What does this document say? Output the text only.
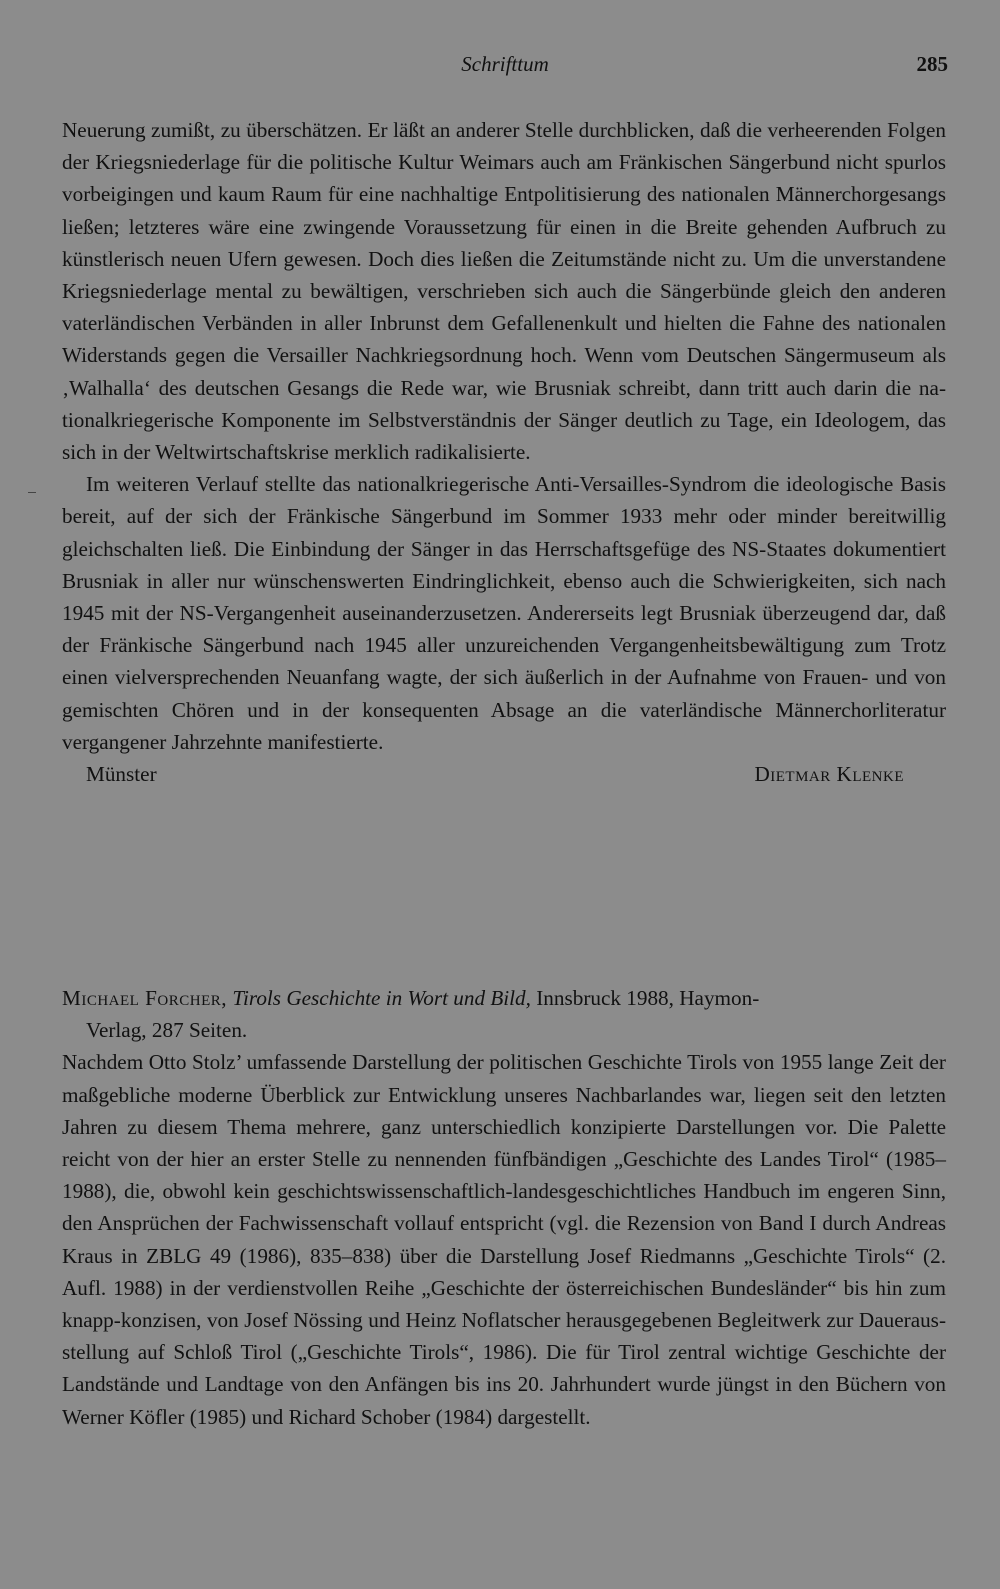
Schrifttum	285

Neuerung zumißt, zu überschätzen. Er läßt an anderer Stelle durchblicken, daß die verheerenden Folgen der Kriegsniederlage für die politische Kultur Weimars auch am Fränkischen Sängerbund nicht spurlos vorbeigingen und kaum Raum für eine nachhaltige Entpolitisierung des nationalen Männerchorgesangs ließen; letzteres wäre eine zwingende Voraussetzung für einen in die Breite gehenden Aufbruch zu künstlerisch neuen Ufern gewesen. Doch dies ließen die Zeitumstände nicht zu. Um die unverstandene Kriegsniederlage mental zu bewältigen, verschrieben sich auch die Sängerbünde gleich den anderen vaterländischen Verbänden in aller Inbrunst dem Gefallenenkult und hielten die Fahne des nationalen Widerstands gegen die Versailler Nachkriegsordnung hoch. Wenn vom Deutschen Sängermuseum als ‚Walhalla‘ des deutschen Gesangs die Rede war, wie Brusniak schreibt, dann tritt auch darin die nationalkriegerische Komponente im Selbstverständnis der Sänger deutlich zu Tage, ein Ideologem, das sich in der Weltwirtschaftskrise merklich radikalisierte.

Im weiteren Verlauf stellte das nationalkriegerische Anti-Versailles-Syndrom die ideologische Basis bereit, auf der sich der Fränkische Sängerbund im Sommer 1933 mehr oder minder bereitwillig gleichschalten ließ. Die Einbindung der Sänger in das Herrschaftsgefüge des NS-Staates dokumentiert Brusniak in aller nur wünschenswerten Eindringlichkeit, ebenso auch die Schwierigkeiten, sich nach 1945 mit der NS-Vergangenheit auseinanderzusetzen. Andererseits legt Brusniak überzeugend dar, daß der Fränkische Sängerbund nach 1945 aller unzureichenden Vergangenheitsbewältigung zum Trotz einen vielversprechenden Neuanfang wagte, der sich äußerlich in der Aufnahme von Frauen- und von gemischten Chören und in der konsequenten Absage an die vaterländische Männerchorliteratur vergangener Jahrzehnte manifestierte.

Münster	Dietmar Klenke

Michael Forcher, Tirols Geschichte in Wort und Bild, Innsbruck 1988, Haymon-

Verlag, 287 Seiten.

Nachdem Otto Stolz’ umfassende Darstellung der politischen Geschichte Tirols von 1955 lange Zeit der maßgebliche moderne Überblick zur Entwicklung unseres Nachbarlandes war, liegen seit den letzten Jahren zu diesem Thema mehrere, ganz unterschiedlich konzipierte Darstellungen vor. Die Palette reicht von der hier an erster Stelle zu nennenden fünfbändigen „Geschichte des Landes Tirol“ (1985–1988), die, obwohl kein geschichtswissenschaftlich-landesgeschichtliches Handbuch im engeren Sinn, den Ansprüchen der Fachwissenschaft vollauf entspricht (vgl. die Rezension von Band I durch Andreas Kraus in ZBLG 49 (1986), 835–838) über die Darstellung Josef Riedmanns „Geschichte Tirols“ (2. Aufl. 1988) in der verdienstvollen Reihe „Geschichte der österreichischen Bundesländer“ bis hin zum knapp-konzisen, von Josef Nössing und Heinz Noflatscher herausgegebenen Begleitwerk zur Dauerausstellung auf Schloß Tirol („Geschichte Tirols“, 1986). Die für Tirol zentral wichtige Geschichte der Landstände und Landtage von den Anfängen bis ins 20. Jahrhundert wurde jüngst in den Büchern von Werner Köfler (1985) und Richard Schober (1984) dargestellt.
